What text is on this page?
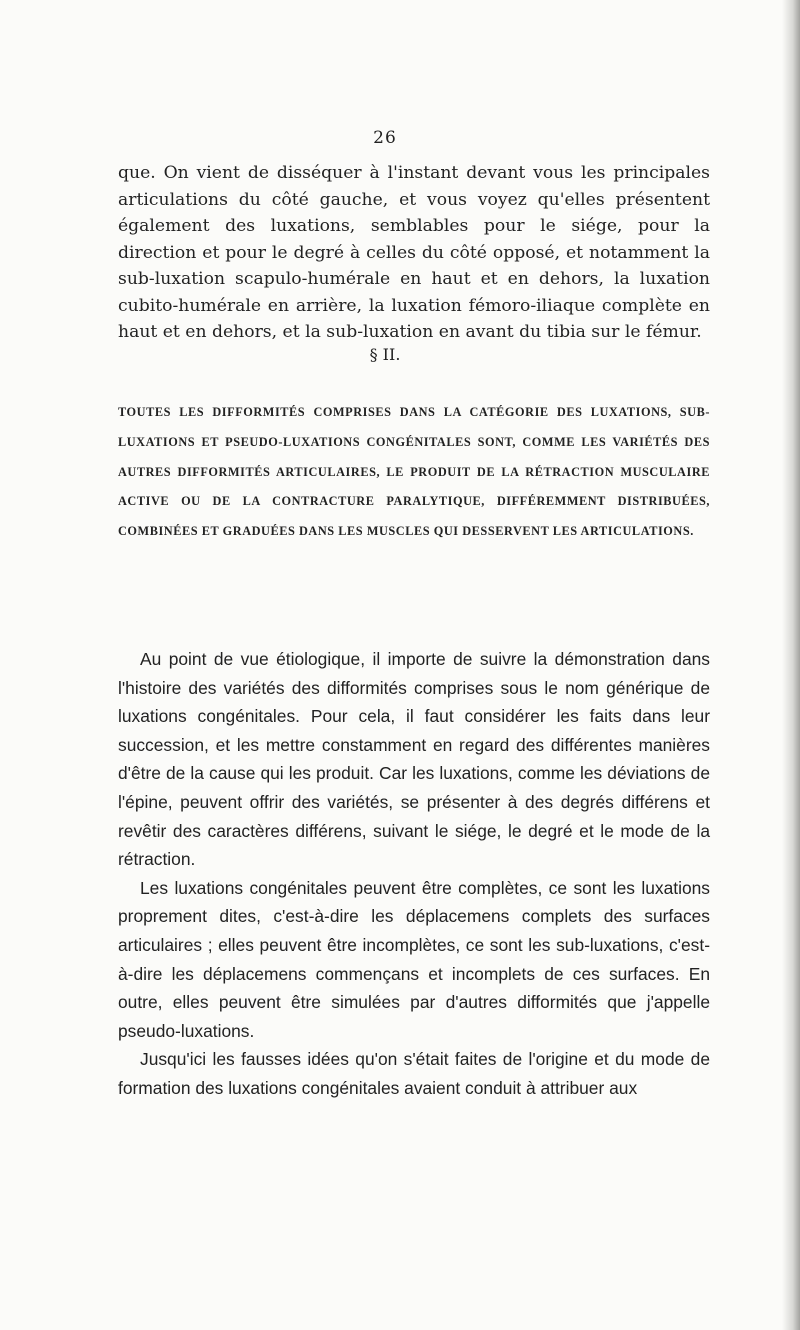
26
que. On vient de disséquer à l'instant devant vous les principales articulations du côté gauche, et vous voyez qu'elles présentent également des luxations, semblables pour le siége, pour la direction et pour le degré à celles du côté opposé, et notamment la sub-luxation scapulo-humérale en haut et en dehors, la luxation cubito-humérale en arrière, la luxation fémoro-iliaque complète en haut et en dehors, et la sub-luxation en avant du tibia sur le fémur.
§ II.
TOUTES LES DIFFORMITÉS COMPRISES DANS LA CATÉGORIE DES LUXATIONS, SUB-LUXATIONS ET PSEUDO-LUXATIONS CONGÉNITALES SONT, COMME LES VARIÉTÉS DES AUTRES DIFFORMITÉS ARTICULAIRES, LE PRODUIT DE LA RÉTRACTION MUSCULAIRE ACTIVE OU DE LA CONTRACTURE PARALYTIQUE, DIFFÉREMMENT DISTRIBUÉES, COMBINÉES ET GRADUÉES DANS LES MUSCLES QUI DESSERVENT LES ARTICULATIONS.

Au point de vue étiologique, il importe de suivre la démonstration dans l'histoire des variétés des difformités comprises sous le nom générique de luxations congénitales. Pour cela, il faut considérer les faits dans leur succession, et les mettre constamment en regard des différentes manières d'être de la cause qui les produit. Car les luxations, comme les déviations de l'épine, peuvent offrir des variétés, se présenter à des degrés différens et revêtir des caractères différens, suivant le siége, le degré et le mode de la rétraction.

Les luxations congénitales peuvent être complètes, ce sont les luxations proprement dites, c'est-à-dire les déplacemens complets des surfaces articulaires ; elles peuvent être incomplètes, ce sont les sub-luxations, c'est-à-dire les déplacemens commençans et incomplets de ces surfaces. En outre, elles peuvent être simulées par d'autres difformités que j'appelle pseudo-luxations.

Jusqu'ici les fausses idées qu'on s'était faites de l'origine et du mode de formation des luxations congénitales avaient conduit à attribuer aux
